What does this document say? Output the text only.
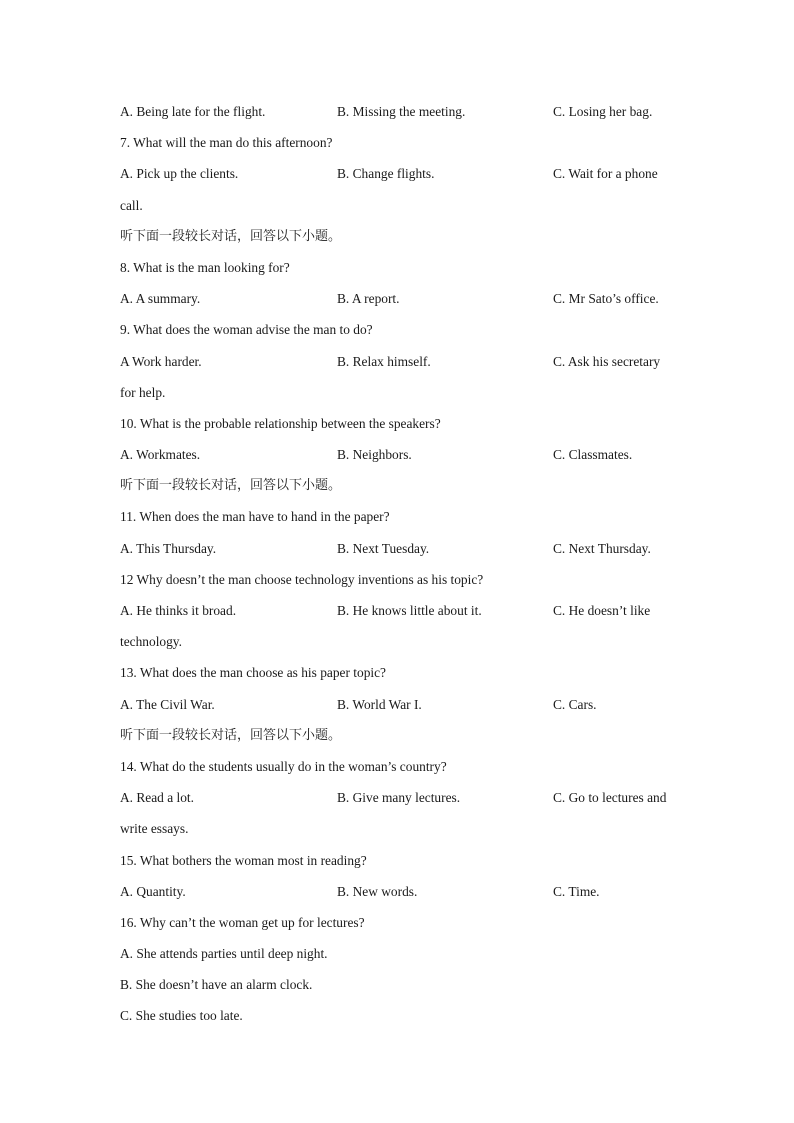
A. Being late for the flight.	B. Missing the meeting.	C. Losing her bag.
7. What will the man do this afternoon?
A. Pick up the clients.	B. Change flights.	C. Wait for a phone
call.
听下面一段较长对话，回答以下小题。
8. What is the man looking for?
A. A summary.	B. A report.	C. Mr Sato’s office.
9. What does the woman advise the man to do?
A Work harder.	B. Relax himself.	C. Ask his secretary
for help.
10. What is the probable relationship between the speakers?
A. Workmates.	B. Neighbors.	C. Classmates.
听下面一段较长对话，回答以下小题。
11. When does the man have to hand in the paper?
A. This Thursday.	B. Next Tuesday.	C. Next Thursday.
12 Why doesn’t the man choose technology inventions as his topic?
A. He thinks it broad.	B. He knows little about it.	C. He doesn’t like
technology.
13. What does the man choose as his paper topic?
A. The Civil War.	B. World War I.	C. Cars.
听下面一段较长对话，回答以下小题。
14. What do the students usually do in the woman’s country?
A. Read a lot.	B. Give many lectures.	C. Go to lectures and
write essays.
15. What bothers the woman most in reading?
A. Quantity.	B. New words.	C. Time.
16. Why can’t the woman get up for lectures?
A. She attends parties until deep night.
B. She doesn’t have an alarm clock.
C. She studies too late.
